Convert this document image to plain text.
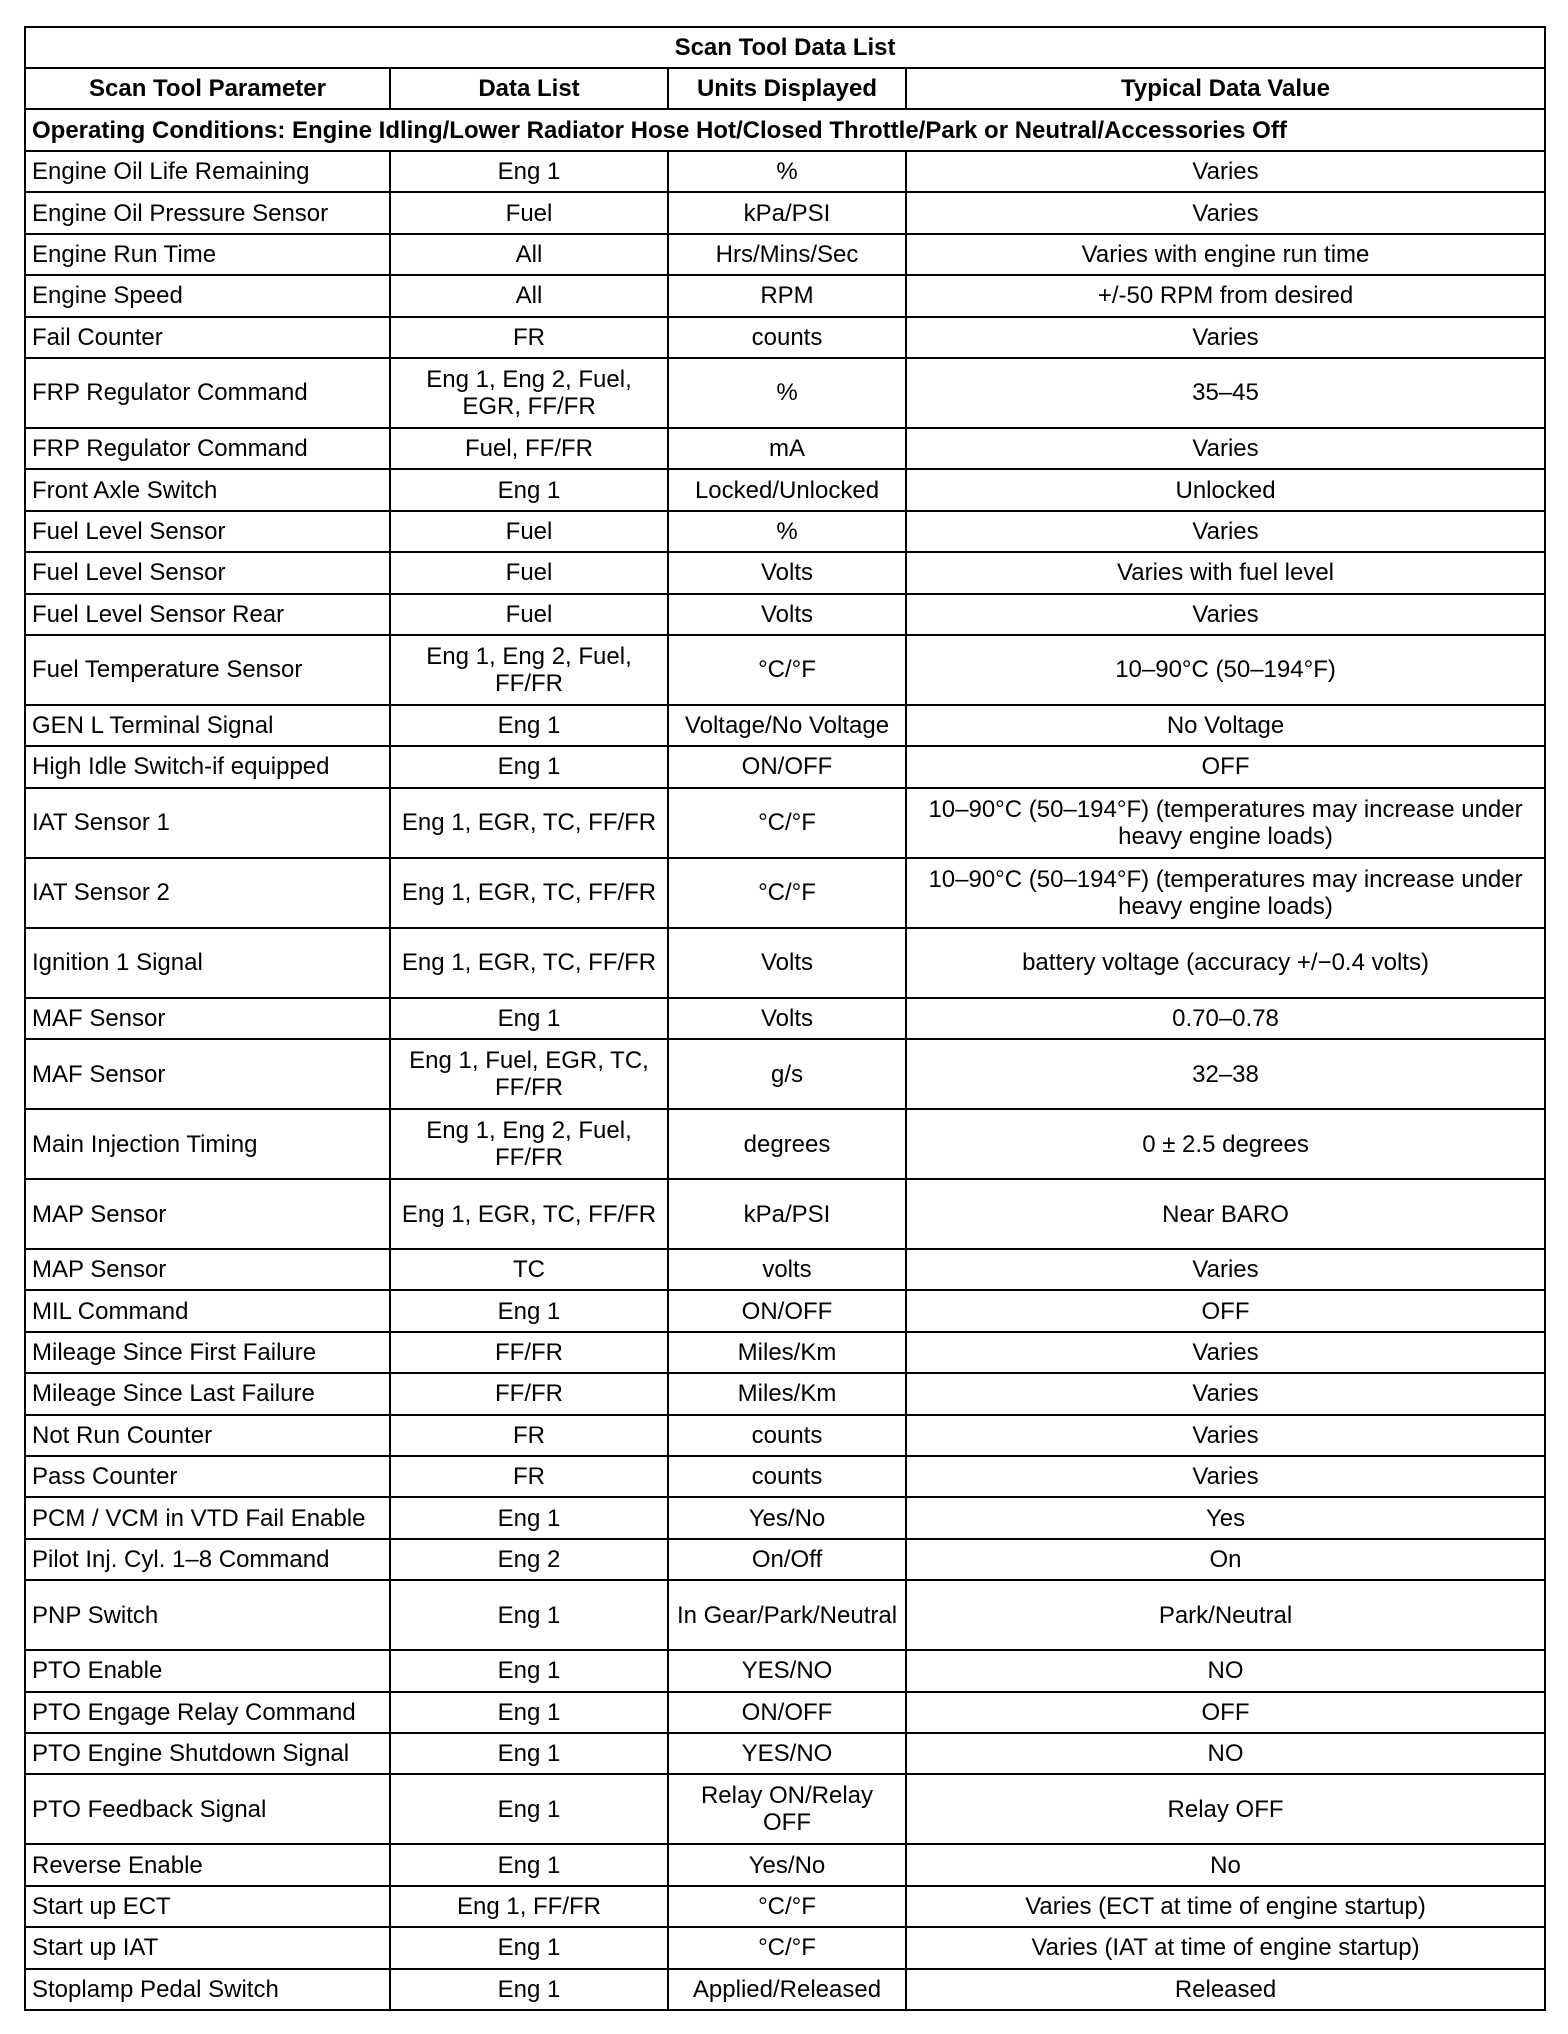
Scan Tool Data List			
Scan Tool Parameter	Data List	Units Displayed	Typical Data Value
Operating Conditions: Engine Idling/Lower Radiator Hose Hot/Closed Throttle/Park or Neutral/Accessories Off			
Engine Oil Life Remaining	Eng 1	%	Varies
Engine Oil Pressure Sensor	Fuel	kPa/PSI	Varies
Engine Run Time	All	Hrs/Mins/Sec	Varies with engine run time
Engine Speed	All	RPM	+/-50 RPM from desired
Fail Counter	FR	counts	Varies
FRP Regulator Command	Eng 1, Eng 2, Fuel, EGR, FF/FR	%	35–45
FRP Regulator Command	Fuel, FF/FR	mA	Varies
Front Axle Switch	Eng 1	Locked/Unlocked	Unlocked
Fuel Level Sensor	Fuel	%	Varies
Fuel Level Sensor	Fuel	Volts	Varies with fuel level
Fuel Level Sensor Rear	Fuel	Volts	Varies
Fuel Temperature Sensor	Eng 1, Eng 2, Fuel, FF/FR	°C/°F	10–90°C (50–194°F)
GEN L Terminal Signal	Eng 1	Voltage/No Voltage	No Voltage
High Idle Switch-if equipped	Eng 1	ON/OFF	OFF
IAT Sensor 1	Eng 1, EGR, TC, FF/FR	°C/°F	10–90°C (50–194°F) (temperatures may increase under heavy engine loads)
IAT Sensor 2	Eng 1, EGR, TC, FF/FR	°C/°F	10–90°C (50–194°F) (temperatures may increase under heavy engine loads)
Ignition 1 Signal	Eng 1, EGR, TC, FF/FR	Volts	battery voltage (accuracy +/−0.4 volts)
MAF Sensor	Eng 1	Volts	0.70–0.78
MAF Sensor	Eng 1, Fuel, EGR, TC, FF/FR	g/s	32–38
Main Injection Timing	Eng 1, Eng 2, Fuel, FF/FR	degrees	0 ± 2.5 degrees
MAP Sensor	Eng 1, EGR, TC, FF/FR	kPa/PSI	Near BARO
MAP Sensor	TC	volts	Varies
MIL Command	Eng 1	ON/OFF	OFF
Mileage Since First Failure	FF/FR	Miles/Km	Varies
Mileage Since Last Failure	FF/FR	Miles/Km	Varies
Not Run Counter	FR	counts	Varies
Pass Counter	FR	counts	Varies
PCM / VCM in VTD Fail Enable	Eng 1	Yes/No	Yes
Pilot Inj. Cyl. 1–8 Command	Eng 2	On/Off	On
PNP Switch	Eng 1	In Gear/Park/Neutral	Park/Neutral
PTO Enable	Eng 1	YES/NO	NO
PTO Engage Relay Command	Eng 1	ON/OFF	OFF
PTO Engine Shutdown Signal	Eng 1	YES/NO	NO
PTO Feedback Signal	Eng 1	Relay ON/Relay OFF	Relay OFF
Reverse Enable	Eng 1	Yes/No	No
Start up ECT	Eng 1, FF/FR	°C/°F	Varies (ECT at time of engine startup)
Start up IAT	Eng 1	°C/°F	Varies (IAT at time of engine startup)
Stoplamp Pedal Switch	Eng 1	Applied/Released	Released
